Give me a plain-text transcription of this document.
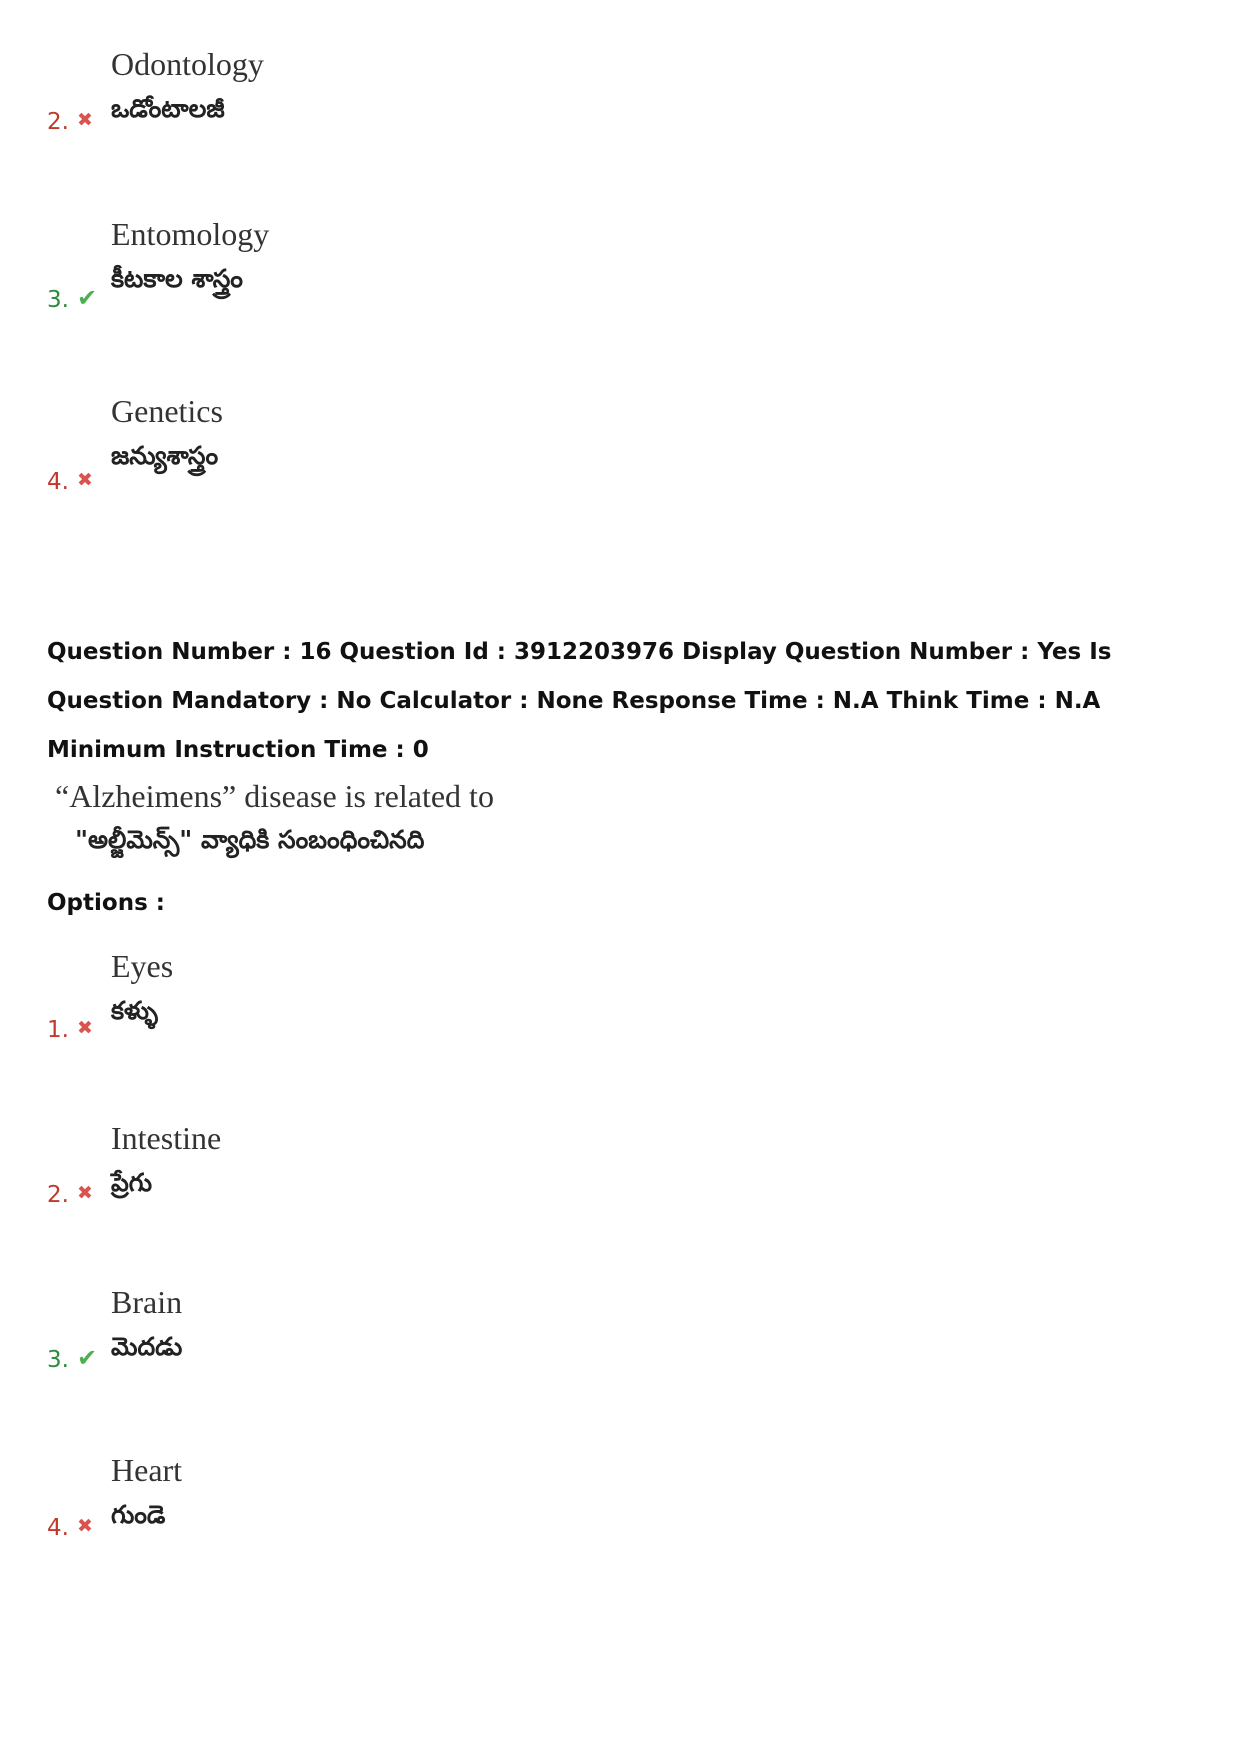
Odontology
ఒడోంటాలజీ
2. ✖
Entomology
కీటకాల శాస్త్రం
3. ✔
Genetics
జన్యుశాస్త్రం
4. ✖
Question Number : 16 Question Id : 3912203976 Display Question Number : Yes Is Question Mandatory : No Calculator : None Response Time : N.A Think Time : N.A Minimum Instruction Time : 0
“Alzheimens” disease is related to
"అల్జీమెన్స్" వ్యాధికి సంబంధించినది
Options :
Eyes
కళ్ళు
1. ✖
Intestine
ప్రేగు
2. ✖
Brain
మెదడు
3. ✔
Heart
గుండె
4. ✖
